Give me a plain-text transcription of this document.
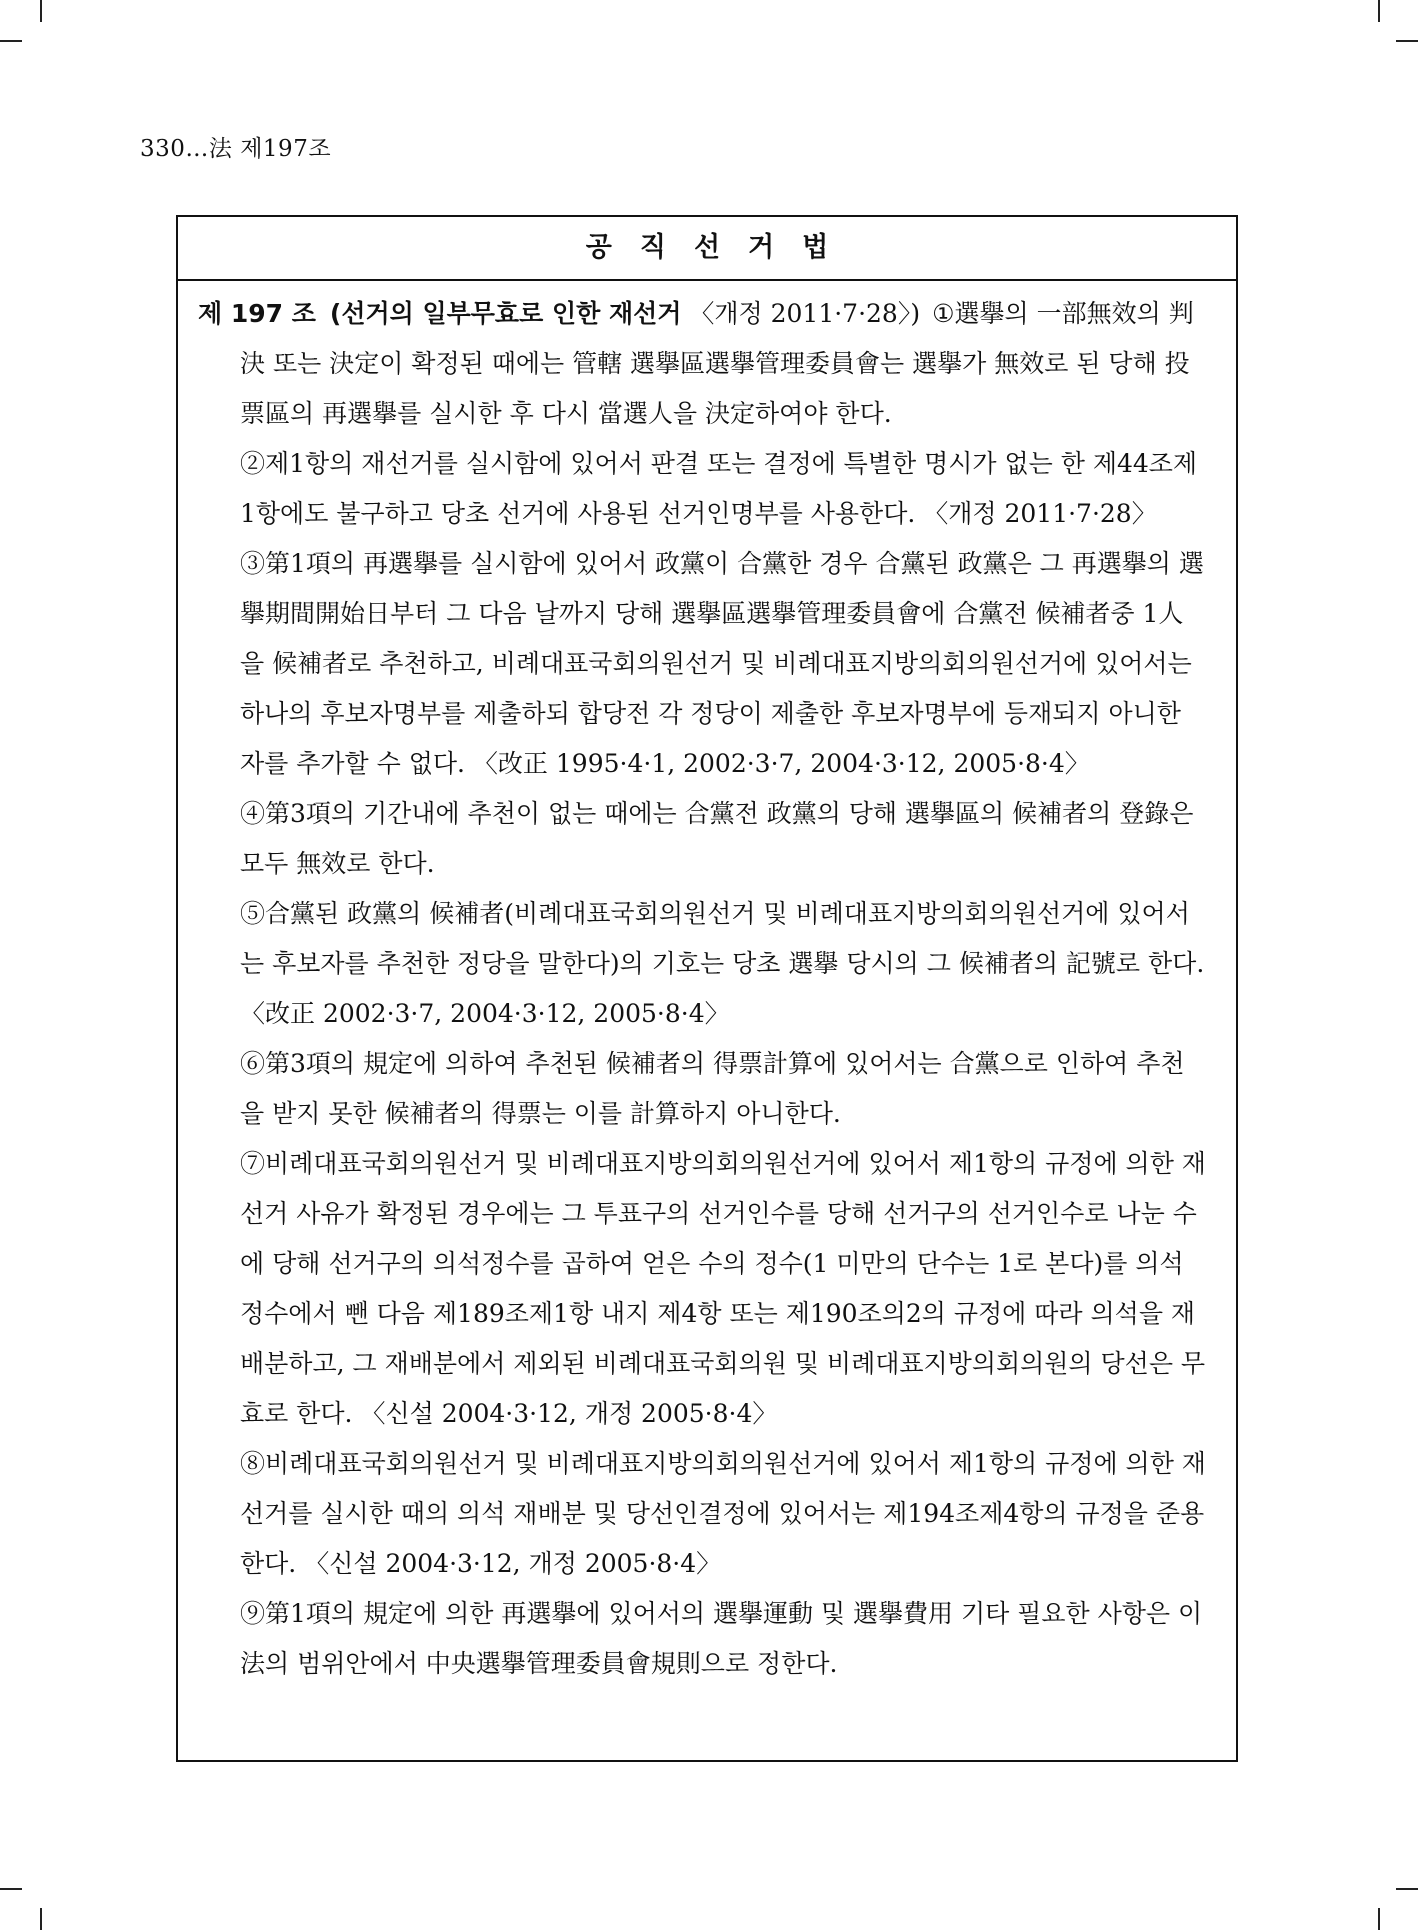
330…法 제197조
공직선거법

제 197 조 (선거의 일부무효로 인한 재선거 〈개정 2011·7·28〉) ①選擧의 一部無效의 判決 또는 決定이 확정된 때에는 管轄 選擧區選擧管理委員會는 選擧가 無效로 된 당해 投票區의 再選擧를 실시한 후 다시 當選人을 決定하여야 한다.

②제1항의 재선거를 실시함에 있어서 판결 또는 결정에 특별한 명시가 없는 한 제44조제1항에도 불구하고 당초 선거에 사용된 선거인명부를 사용한다. 〈개정 2011·7·28〉

③第1項의 再選擧를 실시함에 있어서 政黨이 合黨한 경우 合黨된 政黨은 그 再選擧의 選擧期間開始日부터 그 다음 날까지 당해 選擧區選擧管理委員會에 合黨전 候補者중 1人을 候補者로 추천하고, 비례대표국회의원선거 및 비례대표지방의회의원선거에 있어서는 하나의 후보자명부를 제출하되 합당전 각 정당이 제출한 후보자명부에 등재되지 아니한 자를 추가할 수 없다. 〈改正 1995·4·1, 2002·3·7, 2004·3·12, 2005·8·4〉

④第3項의 기간내에 추천이 없는 때에는 合黨전 政黨의 당해 選擧區의 候補者의 登錄은 모두 無效로 한다.

⑤合黨된 政黨의 候補者(비례대표국회의원선거 및 비례대표지방의회의원선거에 있어서는 후보자를 추천한 정당을 말한다)의 기호는 당초 選擧 당시의 그 候補者의 記號로 한다. 〈改正 2002·3·7, 2004·3·12, 2005·8·4〉

⑥第3項의 規定에 의하여 추천된 候補者의 得票計算에 있어서는 合黨으로 인하여 추천을 받지 못한 候補者의 得票는 이를 計算하지 아니한다.

⑦비례대표국회의원선거 및 비례대표지방의회의원선거에 있어서 제1항의 규정에 의한 재선거 사유가 확정된 경우에는 그 투표구의 선거인수를 당해 선거구의 선거인수로 나눈 수에 당해 선거구의 의석정수를 곱하여 얻은 수의 정수(1 미만의 단수는 1로 본다)를 의석정수에서 뺀 다음 제189조제1항 내지 제4항 또는 제190조의2의 규정에 따라 의석을 재배분하고, 그 재배분에서 제외된 비례대표국회의원 및 비례대표지방의회의원의 당선은 무효로 한다. 〈신설 2004·3·12, 개정 2005·8·4〉

⑧비례대표국회의원선거 및 비례대표지방의회의원선거에 있어서 제1항의 규정에 의한 재선거를 실시한 때의 의석 재배분 및 당선인결정에 있어서는 제194조제4항의 규정을 준용한다. 〈신설 2004·3·12, 개정 2005·8·4〉

⑨第1項의 規定에 의한 再選擧에 있어서의 選擧運動 및 選擧費用 기타 필요한 사항은 이 法의 범위안에서 中央選擧管理委員會規則으로 정한다.
